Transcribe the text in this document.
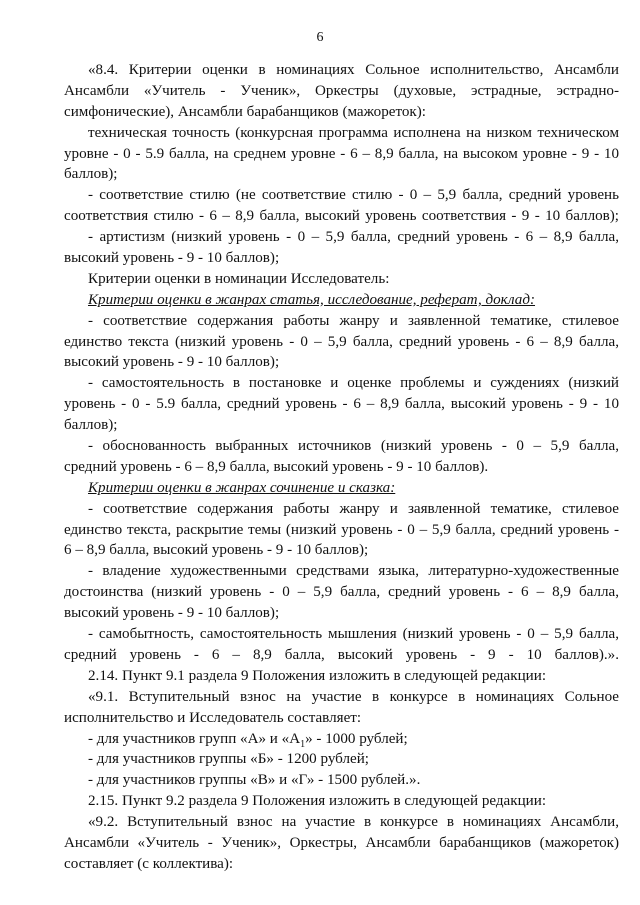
6
«8.4. Критерии оценки в номинациях Сольное исполнительство, Ансамбли
Ансамбли «Учитель - Ученик», Оркестры (духовые, эстрадные, эстрадно-
симфонические), Ансамбли барабанщиков (мажореток):
техническая точность (конкурсная программа исполнена на низком техническом
уровне - 0 - 5.9 балла, на среднем уровне - 6 – 8,9 балла, на высоком уровне - 9 - 10
баллов);
- соответствие стилю (не соответствие стилю - 0 – 5,9 балла, средний уровень
соответствия стилю - 6 – 8,9 балла, высокий уровень соответствия - 9 - 10 баллов);
- артистизм (низкий уровень - 0 – 5,9 балла, средний уровень - 6 – 8,9 балла,
высокий уровень - 9 - 10 баллов);
Критерии оценки в номинации Исследователь:
Критерии оценки в жанрах статья, исследование, реферат, доклад:
- соответствие содержания работы жанру и заявленной тематике, стилевое
единство текста (низкий уровень - 0 – 5,9 балла, средний уровень - 6 – 8,9 балла,
высокий уровень - 9 - 10 баллов);
- самостоятельность в постановке и оценке проблемы и суждениях (низкий
уровень - 0 - 5.9 балла, средний уровень - 6 – 8,9 балла, высокий уровень - 9 - 10
баллов);
- обоснованность выбранных источников (низкий уровень - 0 – 5,9 балла,
средний уровень - 6 – 8,9 балла, высокий уровень - 9 - 10 баллов).
Критерии оценки в жанрах сочинение и сказка:
- соответствие содержания работы жанру и заявленной тематике, стилевое
единство текста, раскрытие темы (низкий уровень - 0 – 5,9 балла, средний уровень -
6 – 8,9 балла, высокий уровень - 9 - 10 баллов);
- владение художественными средствами языка, литературно-художественные
достоинства (низкий уровень - 0 – 5,9 балла, средний уровень - 6 – 8,9 балла,
высокий уровень - 9 - 10 баллов);
- самобытность, самостоятельность мышления (низкий уровень - 0 – 5,9 балла,
средний уровень - 6 – 8,9 балла, высокий уровень - 9 - 10 баллов).».
2.14. Пункт 9.1 раздела 9 Положения изложить в следующей редакции:
«9.1. Вступительный взнос на участие в конкурсе в номинациях Сольное
исполнительство и Исследователь составляет:
- для участников групп «А» и «$А_1$» - 1000 рублей;
- для участников группы «Б» - 1200 рублей;
- для участников группы «В» и «Г» - 1500 рублей.».
2.15. Пункт 9.2 раздела 9 Положения изложить в следующей редакции:
«9.2. Вступительный взнос на участие в конкурсе в номинациях Ансамбли,
Ансамбли «Учитель - Ученик», Оркестры, Ансамбли барабанщиков (мажореток)
составляет (с коллектива):
